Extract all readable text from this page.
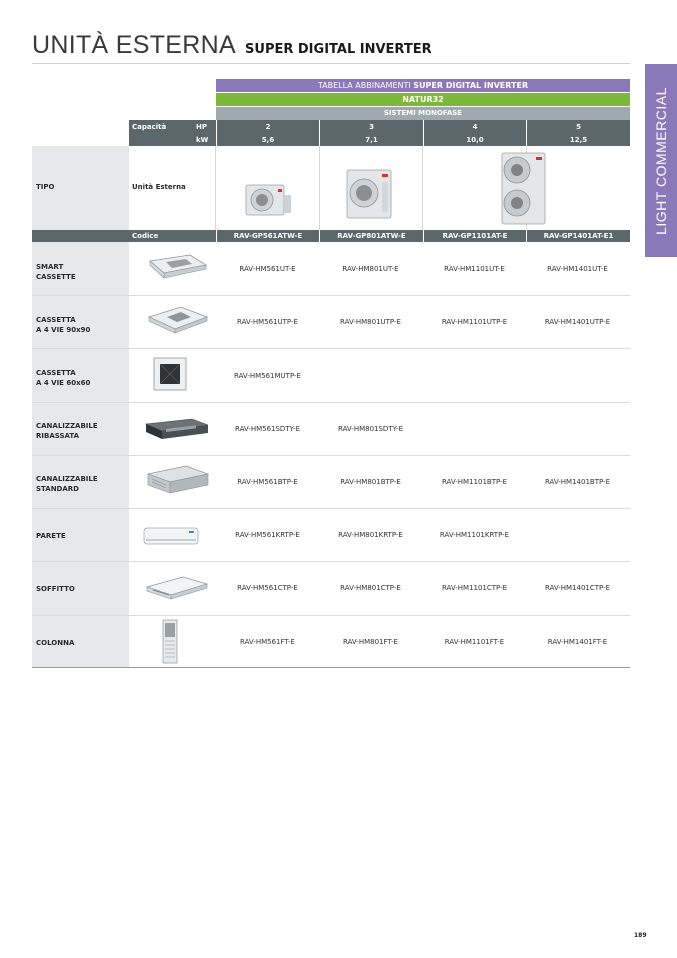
UNITÀ ESTERNA SUPER DIGITAL INVERTER
LIGHT COMMERCIAL
TABELLA ABBINAMENTI SUPER DIGITAL INVERTER
NATUR32
SISTEMI MONOFASE
Capacità	HP	2	3	4	5
kW	5,6	7,1	10,0	12,5
TIPO	Unità Esterna
Codice	RAV-GP561ATW-E	RAV-GP801ATW-E	RAV-GP1101AT-E	RAV-GP1401AT-E1
SMART
CASSETTE
RAV-HM561UT-E	RAV-HM801UT-E	RAV-HM1101UT-E	RAV-HM1401UT-E
CASSETTA
A 4 VIE 90x90
RAV-HM561UTP-E	RAV-HM801UTP-E	RAV-HM1101UTP-E	RAV-HM1401UTP-E
CASSETTA
A 4 VIE 60x60
RAV-HM561MUTP-E
CANALIZZABILE
RIBASSATA
RAV-HM561SDTY-E	RAV-HM801SDTY-E
CANALIZZABILE
STANDARD
RAV-HM561BTP-E	RAV-HM801BTP-E	RAV-HM1101BTP-E	RAV-HM1401BTP-E
PARETE	RAV-HM561KRTP-E	RAV-HM801KRTP-E	RAV-HM1101KRTP-E
SOFFITTO	RAV-HM561CTP-E	RAV-HM801CTP-E	RAV-HM1101CTP-E	RAV-HM1401CTP-E
COLONNA	RAV-HM561FT-E	RAV-HM801FT-E	RAV-HM1101FT-E	RAV-HM1401FT-E
189
